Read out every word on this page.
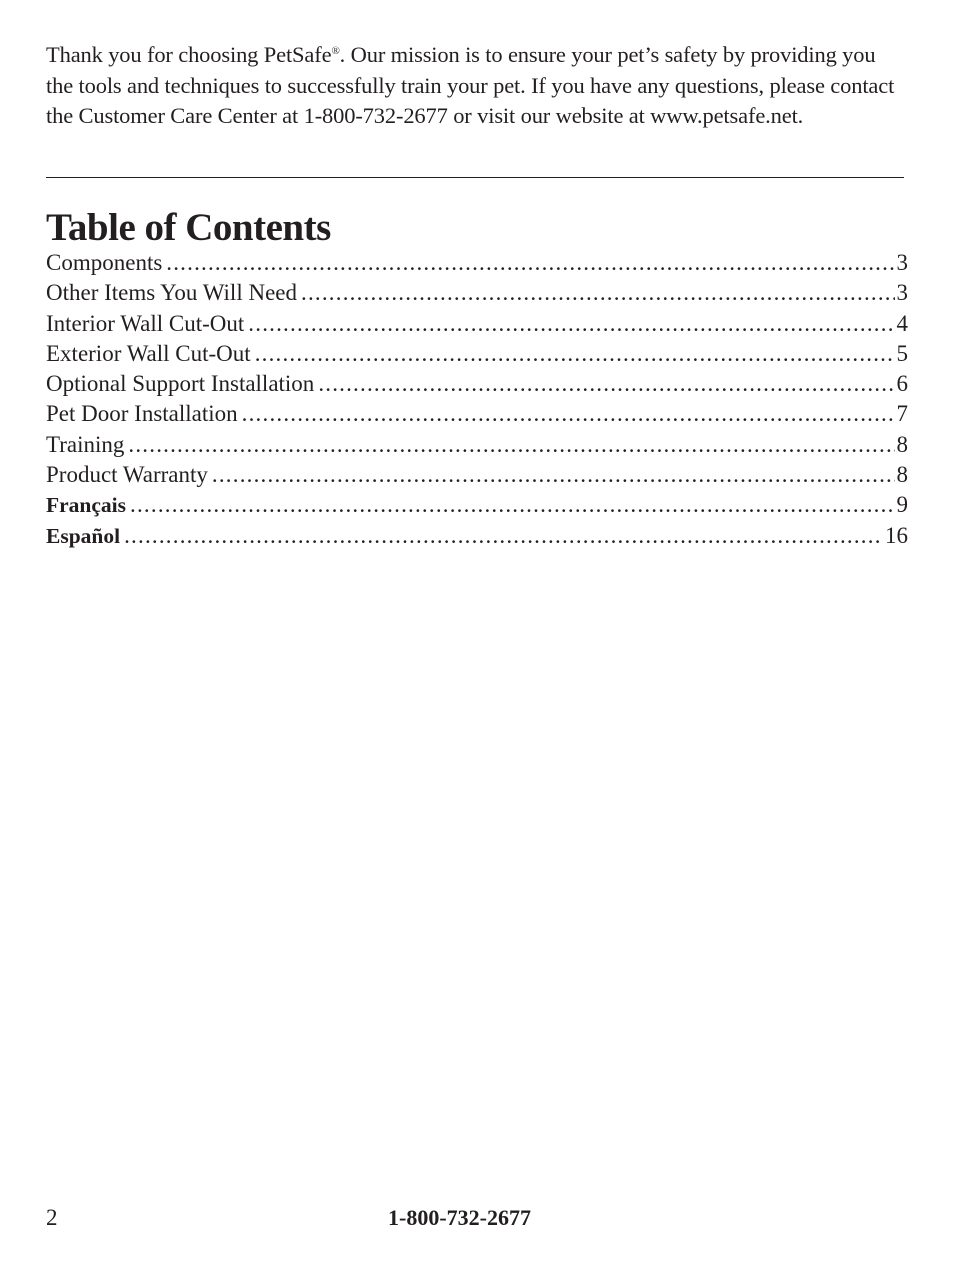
Thank you for choosing PetSafe®. Our mission is to ensure your pet’s safety by providing you the tools and techniques to successfully train your pet. If you have any questions, please contact the Customer Care Center at 1-800-732-2677 or visit our website at www.petsafe.net.

Table of Contents
Components .....	3
Other Items You Will Need .....	3
Interior Wall Cut-Out .....	4
Exterior Wall Cut-Out .....	5
Optional Support Installation .....	6
Pet Door Installation .....	7
Training .....	8
Product Warranty .....	8
Français .....	9
Español .....	16
2	1-800-732-2677
